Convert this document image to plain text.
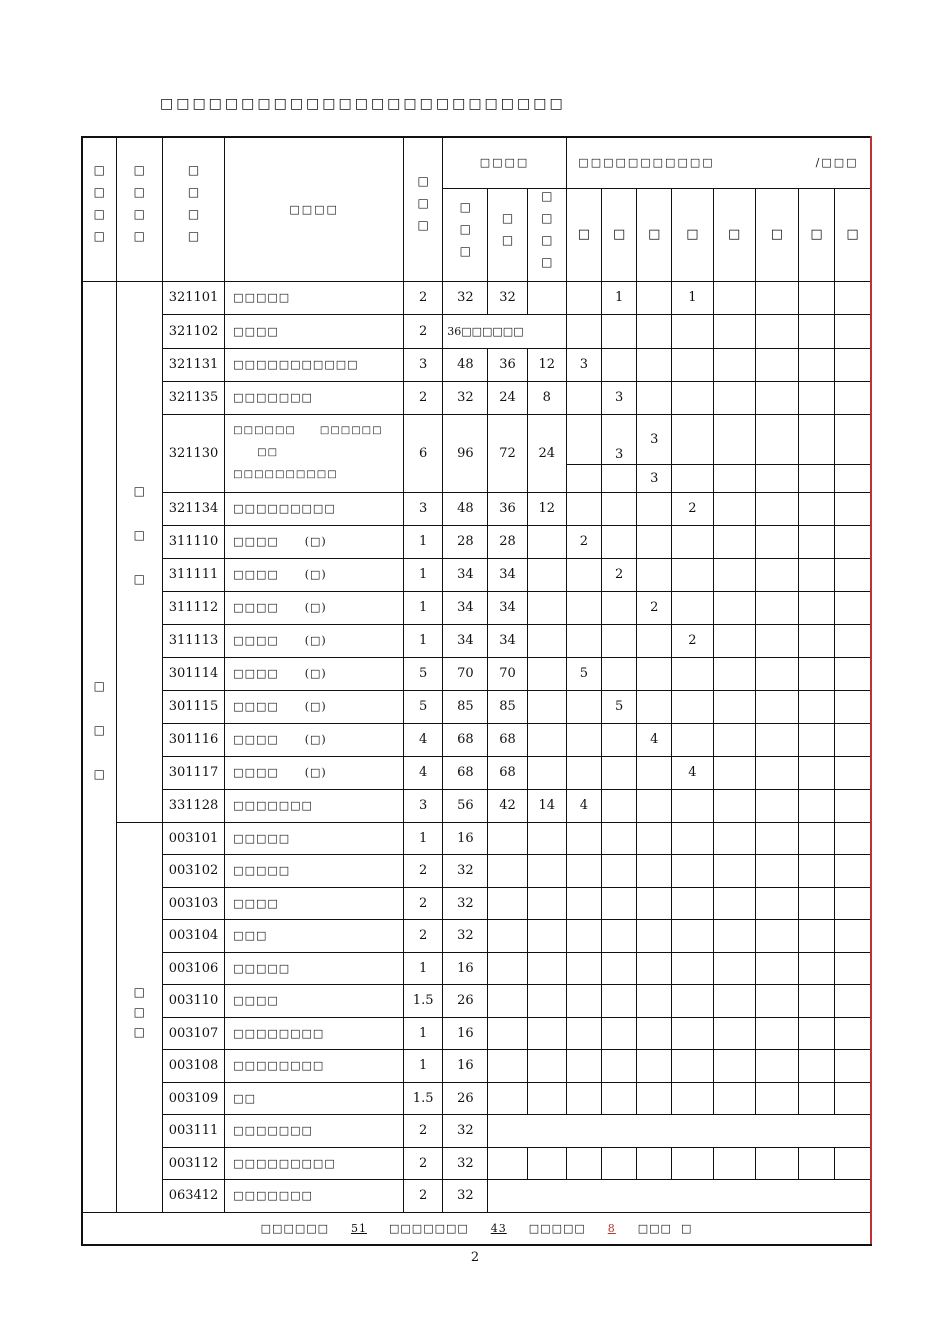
□□□□□□□□□□□□□□□□□□□□□□□□□
□□□□	□□□□	□□□□	□□□□	□□□	□□□□			□□□□□□□□□□□ /□□□							
					□□□	□□	□□□□	□	□	□	□	□	□	□	□
□□□	□□□	321101	□□□□□	2	32	32			1		1				
		321102	□□□□	2	36□□□□□□										
		321131	□□□□□□□□□□□	3	48	36	12	3							
		321135	□□□□□□□	2	32	24	8		3						
		321130	□□□□□□ □□□□□□□□
□□□□□□□□□□	6	96	72	24		3	3					
										3					
		321134	□□□□□□□□□	3	48	36	12				2				
		311110	□□□□ (□)	1	28	28		2							
		311111	□□□□ (□)	1	34	34			2						
		311112	□□□□ (□)	1	34	34				2					
		311113	□□□□ (□)	1	34	34					2				
		301114	□□□□ (□)	5	70	70		5							
		301115	□□□□ (□)	5	85	85			5						
		301116	□□□□ (□)	4	68	68				4					
		301117	□□□□ (□)	4	68	68					4				
		331128	□□□□□□□	3	56	42	14	4							
	□□□	003101	□□□□□	1	16										
		003102	□□□□□	2	32										
		003103	□□□□	2	32										
		003104	□□□	2	32										
		003106	□□□□□	1	16										
		003110	□□□□	1.5	26										
		003107	□□□□□□□□	1	16										
		003108	□□□□□□□□	1	16										
		003109	□□	1.5	26										
		003111	□□□□□□□	2	32										
		003112	□□□□□□□□□	2	32										
		063412	□□□□□□□	2	32										
□□□□□□ 51 □□□□□□□ 43 □□□□□ 8 □□□ □															
2
